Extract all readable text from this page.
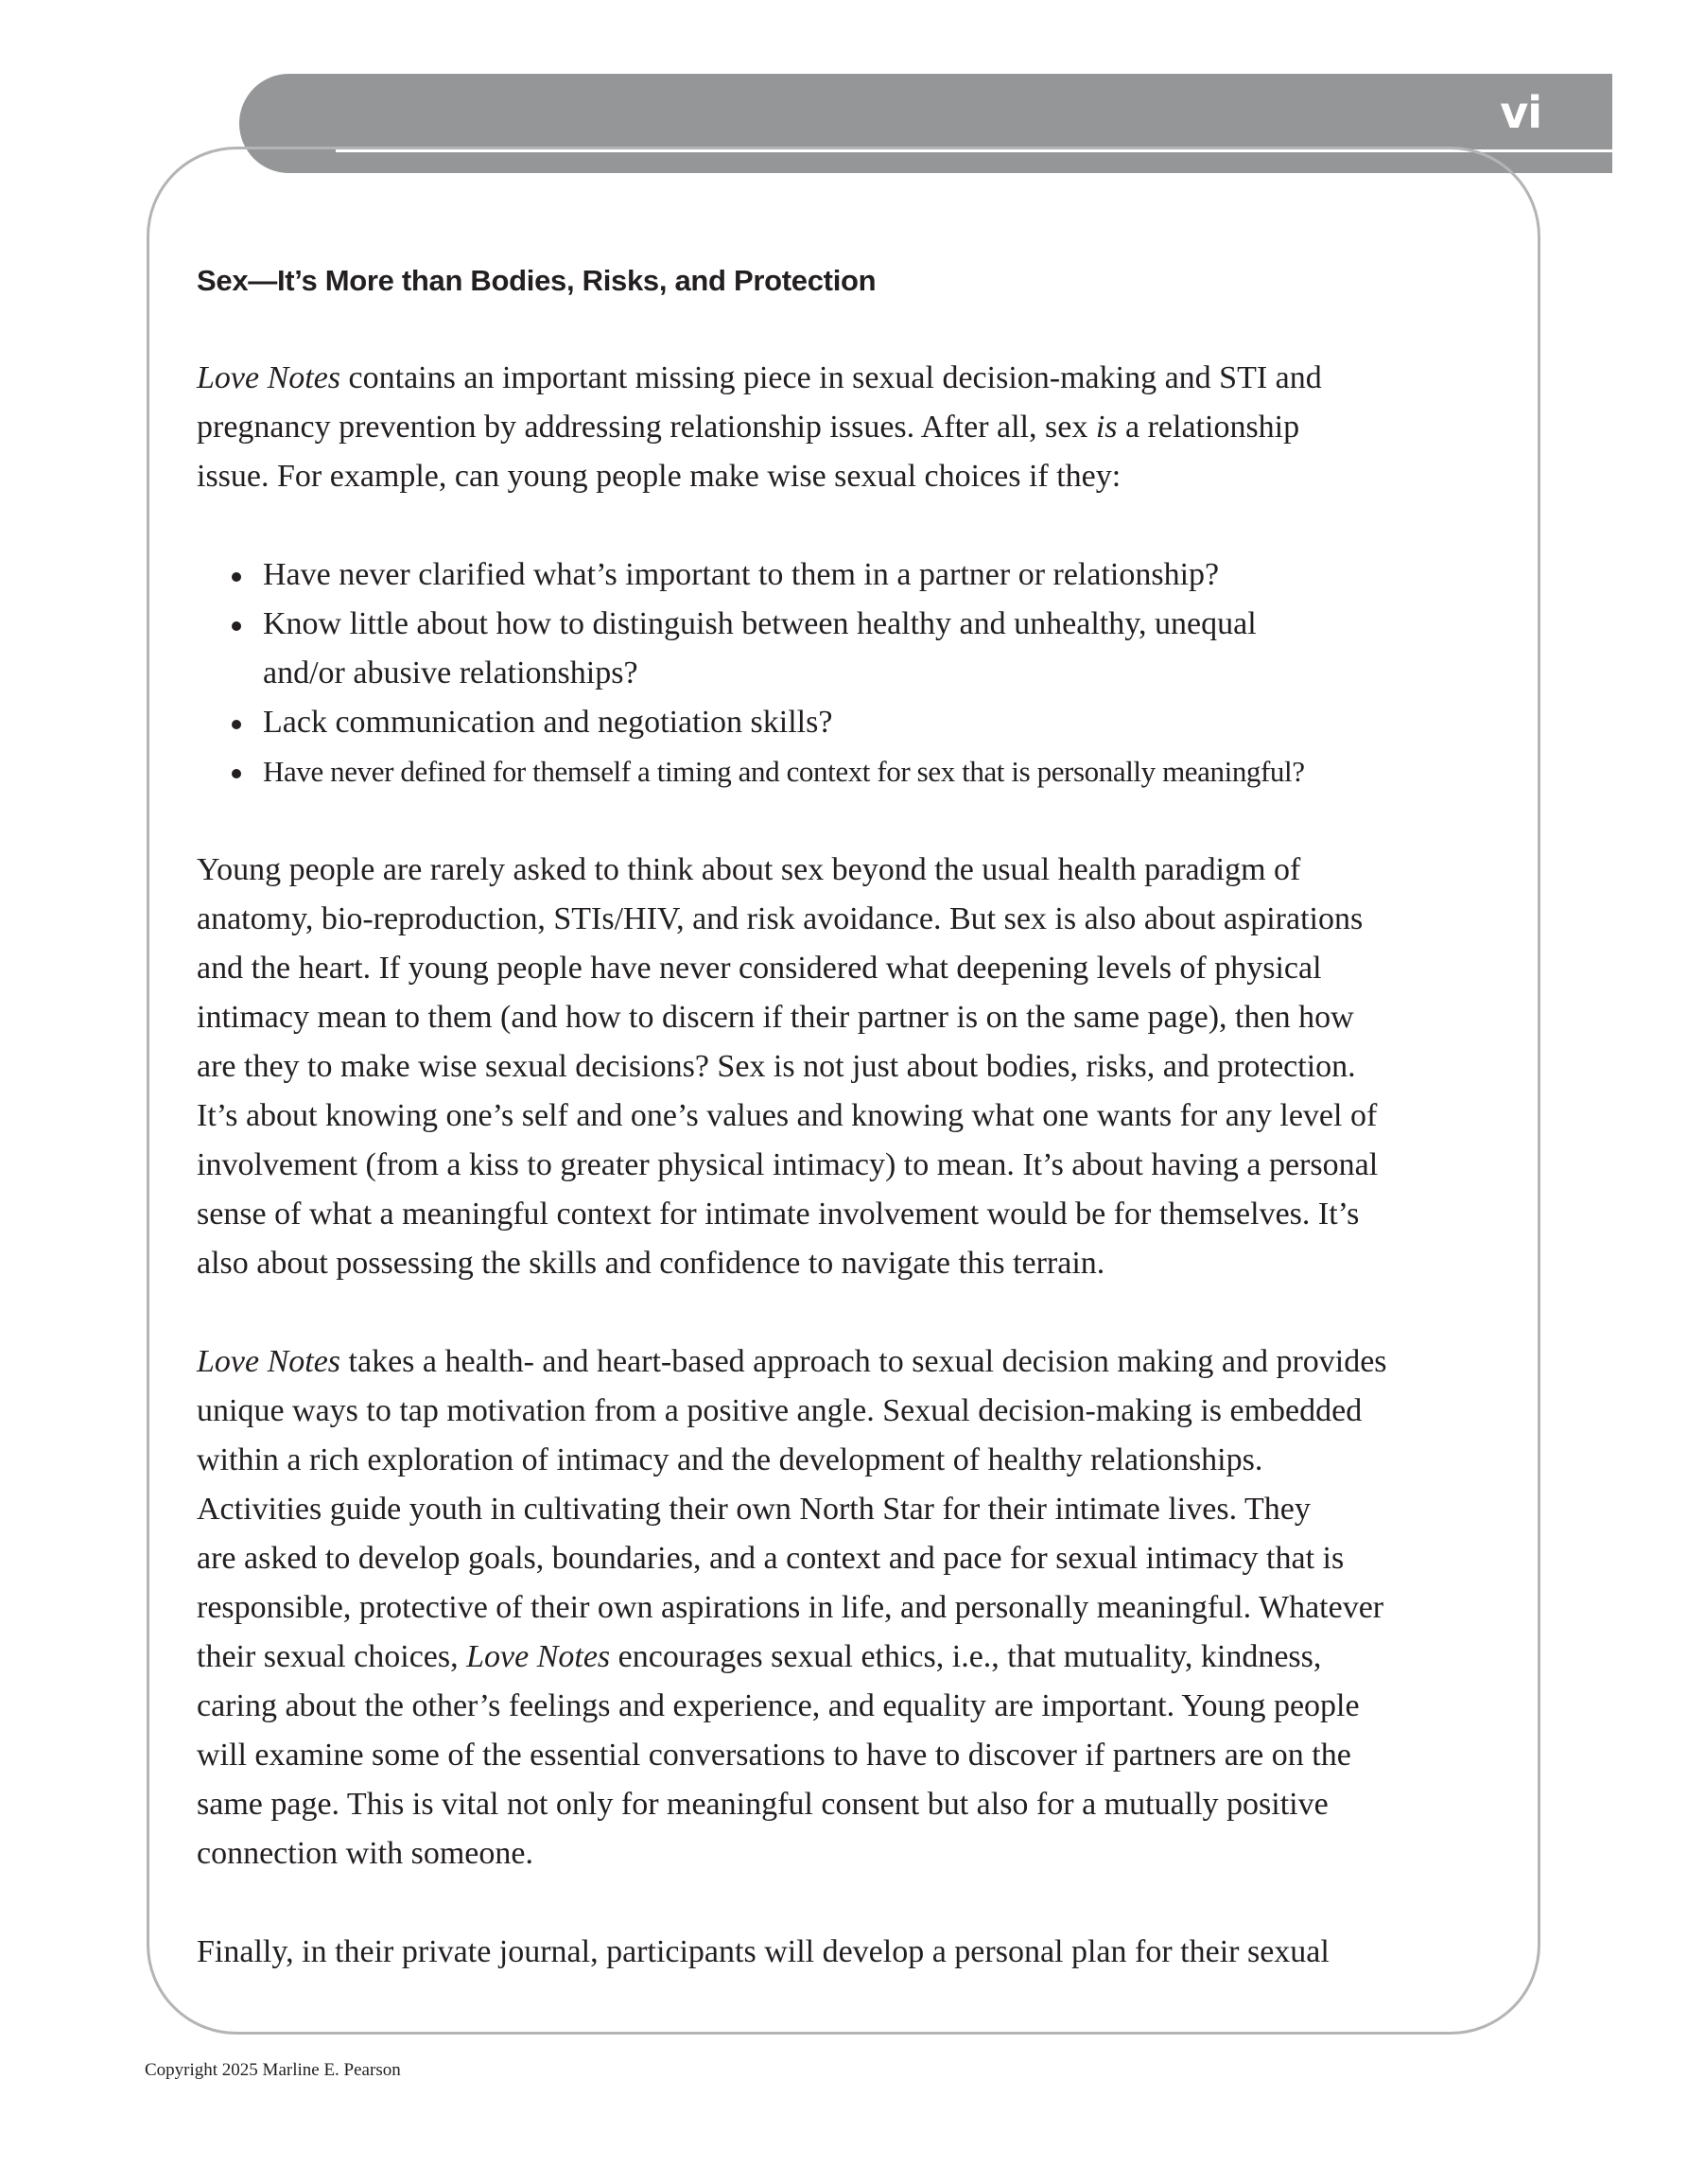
vi
Sex—It’s More than Bodies, Risks, and Protection
Love Notes contains an important missing piece in sexual decision-making and STI and
pregnancy prevention by addressing relationship issues. After all, sex is a relationship
issue. For example, can young people make wise sexual choices if they:
Have never clarified what’s important to them in a partner or relationship?
Know little about how to distinguish between healthy and unhealthy, unequal
and/or abusive relationships?
Lack communication and negotiation skills?
Have never defined for themself a timing and context for sex that is personally meaningful?
Young people are rarely asked to think about sex beyond the usual health paradigm of
anatomy, bio-reproduction, STIs/HIV, and risk avoidance. But sex is also about aspirations
and the heart. If young people have never considered what deepening levels of physical
intimacy mean to them (and how to discern if their partner is on the same page), then how
are they to make wise sexual decisions? Sex is not just about bodies, risks, and protection.
It’s about knowing one’s self and one’s values and knowing what one wants for any level of
involvement (from a kiss to greater physical intimacy) to mean. It’s about having a personal
sense of what a meaningful context for intimate involvement would be for themselves. It’s
also about possessing the skills and confidence to navigate this terrain.
Love Notes takes a health- and heart-based approach to sexual decision making and provides
unique ways to tap motivation from a positive angle. Sexual decision-making is embedded
within a rich exploration of intimacy and the development of healthy relationships.
Activities guide youth in cultivating their own North Star for their intimate lives. They
are asked to develop goals, boundaries, and a context and pace for sexual intimacy that is
responsible, protective of their own aspirations in life, and personally meaningful. Whatever
their sexual choices, Love Notes encourages sexual ethics, i.e., that mutuality, kindness,
caring about the other’s feelings and experience, and equality are important. Young people
will examine some of the essential conversations to have to discover if partners are on the
same page. This is vital not only for meaningful consent but also for a mutually positive
connection with someone.
Finally, in their private journal, participants will develop a personal plan for their sexual
Copyright 2025 Marline E. Pearson
